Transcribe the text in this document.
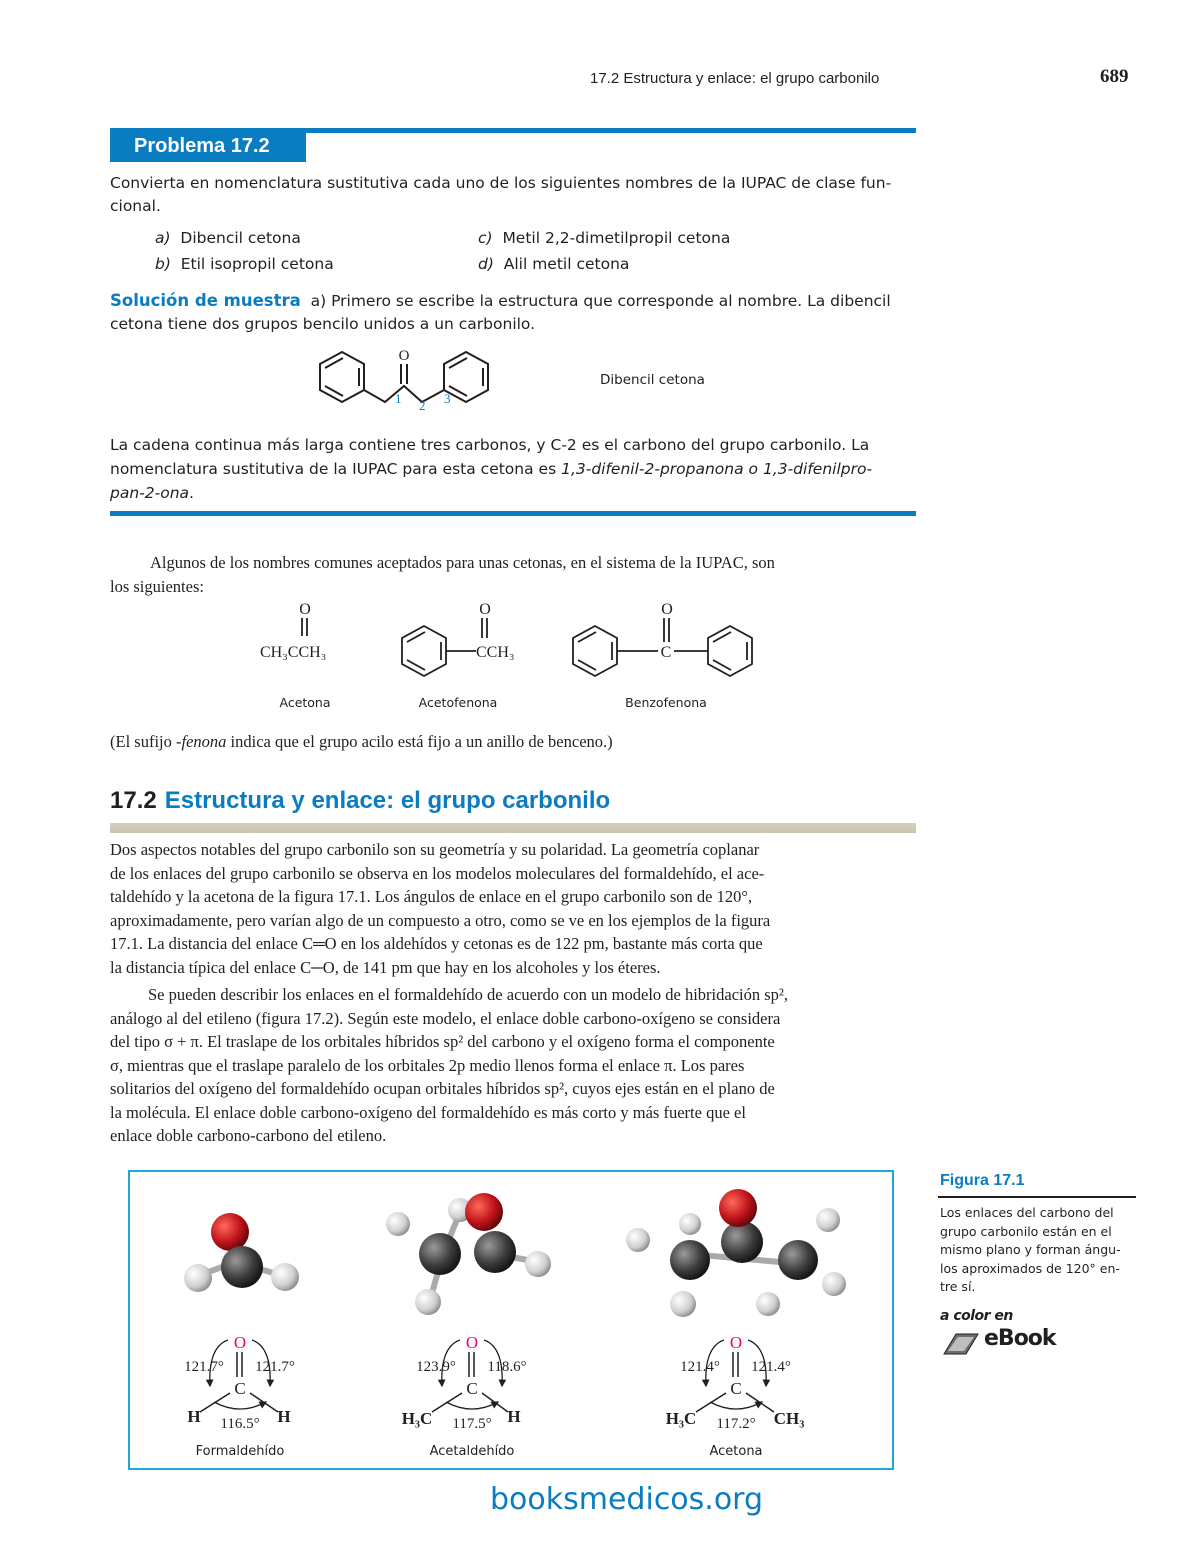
17.2 Estructura y enlace: el grupo carbonilo	689
Problema 17.2
Convierta en nomenclatura sustitutiva cada uno de los siguientes nombres de la IUPAC de clase fun-
cional.
a) Dibencil cetona
b) Etil isopropil cetona
c) Metil 2,2-dimetilpropil cetona
d) Alil metil cetona
Solución de muestra a) Primero se escribe la estructura que corresponde al nombre. La dibencil
cetona tiene dos grupos bencilo unidos a un carbonilo.
O
1 2 3
Dibencil cetona
La cadena continua más larga contiene tres carbonos, y C-2 es el carbono del grupo carbonilo. La
nomenclatura sustitutiva de la IUPAC para esta cetona es 1,3-difenil-2-propanona o 1,3-difenilpro-
pan-2-ona.
Algunos de los nombres comunes aceptados para unas cetonas, en el sistema de la IUPAC, son
los siguientes:
O
CH₃CCH₃
O
CCH₃
O
C
Acetona	Acetofenona	Benzofenona
(El sufijo -fenona indica que el grupo acilo está fijo a un anillo de benceno.)
17.2 Estructura y enlace: el grupo carbonilo
Dos aspectos notables del grupo carbonilo son su geometría y su polaridad. La geometría coplanar
de los enlaces del grupo carbonilo se observa en los modelos moleculares del formaldehído, el ace-
taldehído y la acetona de la figura 17.1. Los ángulos de enlace en el grupo carbonilo son de 120°,
aproximadamente, pero varían algo de un compuesto a otro, como se ve en los ejemplos de la figura
17.1. La distancia del enlace C═O en los aldehídos y cetonas es de 122 pm, bastante más corta que
la distancia típica del enlace C─O, de 141 pm que hay en los alcoholes y los éteres.
Se pueden describir los enlaces en el formaldehído de acuerdo con un modelo de hibridación sp²,
análogo al del etileno (figura 17.2). Según este modelo, el enlace doble carbono-oxígeno se considera
del tipo σ + π. El traslape de los orbitales híbridos sp² del carbono y el oxígeno forma el componente
σ, mientras que el traslape paralelo de los orbitales 2p medio llenos forma el enlace π. Los pares
solitarios del oxígeno del formaldehído ocupan orbitales híbridos sp², cuyos ejes están en el plano de
la molécula. El enlace doble carbono-oxígeno del formaldehído es más corto y más fuerte que el
enlace doble carbono-carbono del etileno.
O
C
121.7° 121.7°
116.5°
H	H
Formaldehído
O
C
123.9° 118.6°
117.5°
H₃C	H
Acetaldehído
O
C
121.4° 121.4°
117.2°
H₃C	CH₃
Acetona
Figura 17.1
Los enlaces del carbono del
grupo carbonilo están en el
mismo plano y forman ángu-
los aproximados de 120° en-
tre sí.
a color en
eBook
booksmedicos.org
